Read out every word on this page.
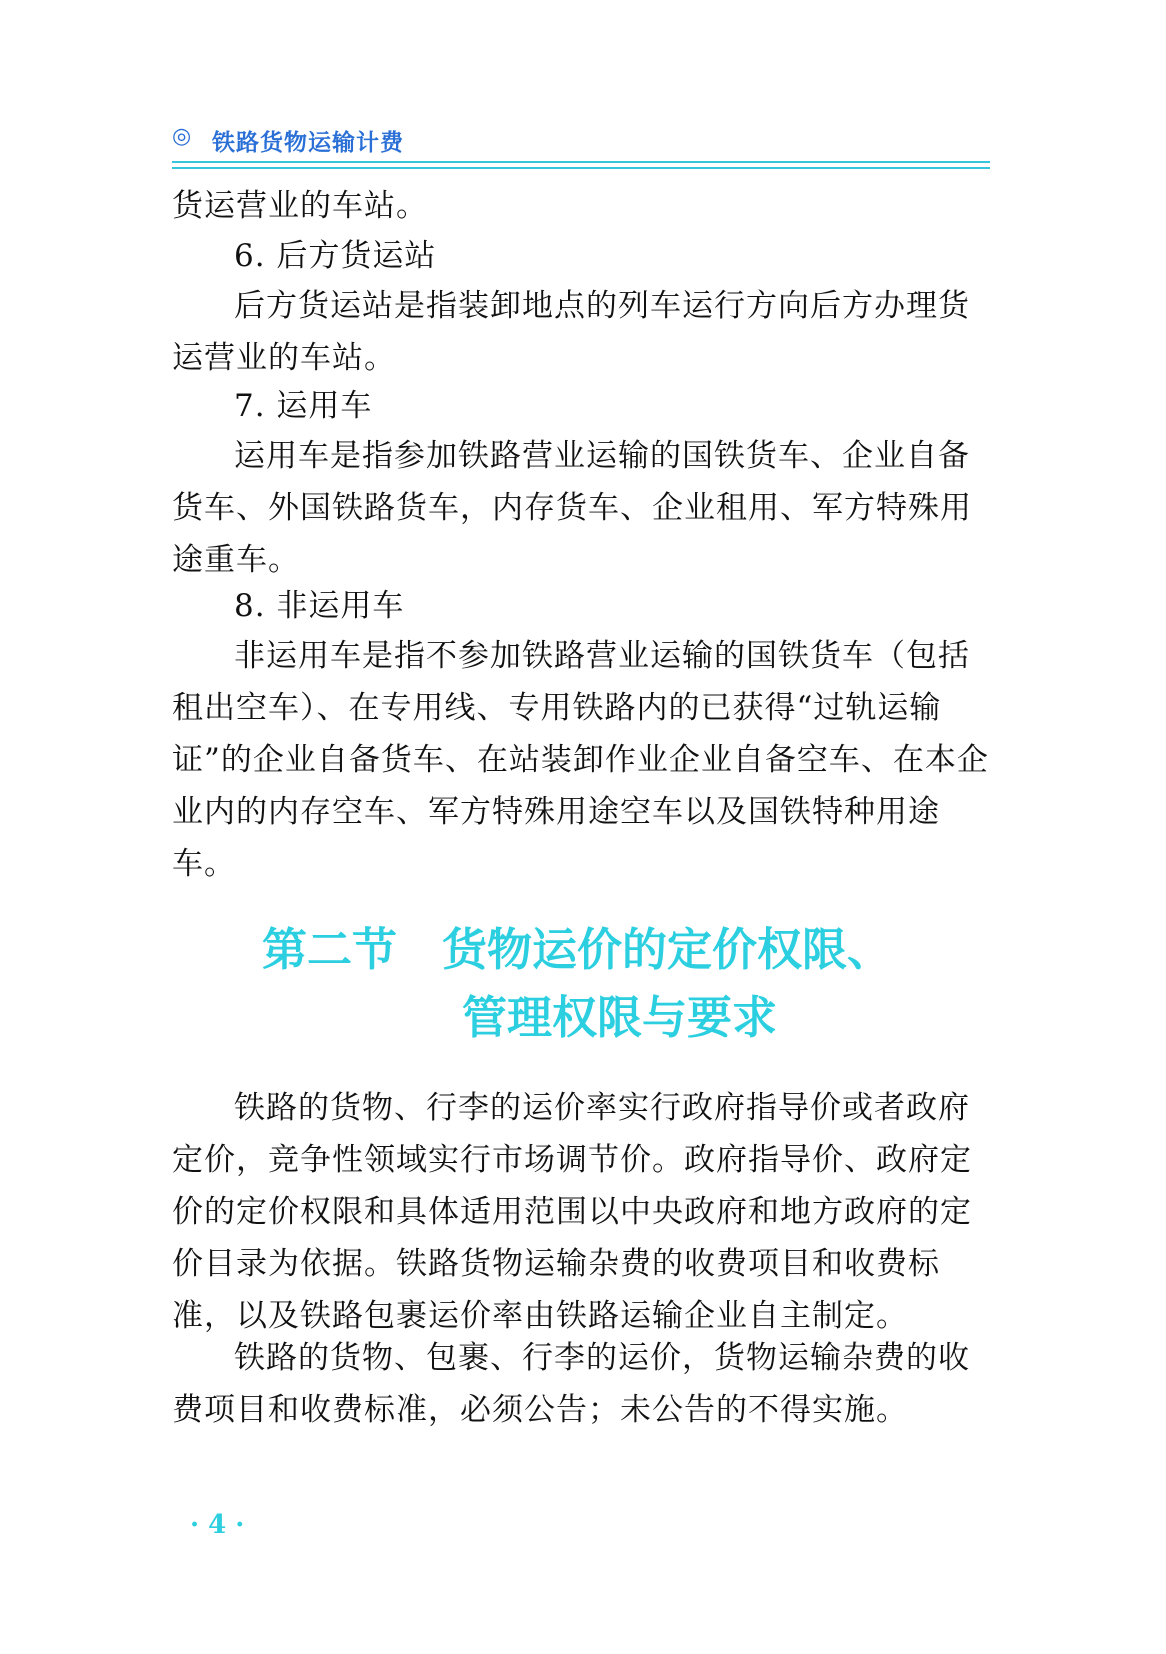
◎ 铁路货物运输计费

货运营业的车站。

6. 后方货运站

后方货运站是指装卸地点的列车运行方向后方办理货运营业的车站。

7. 运用车

运用车是指参加铁路营业运输的国铁货车、企业自备货车、外国铁路货车，内存货车、企业租用、军方特殊用途重车。

8. 非运用车

非运用车是指不参加铁路营业运输的国铁货车（包括租出空车）、在专用线、专用铁路内的已获得“过轨运输证”的企业自备货车、在站装卸作业企业自备空车、在本企业内的内存空车、军方特殊用途空车以及国铁特种用途车。

第二节　货物运价的定价权限、
管理权限与要求

铁路的货物、行李的运价率实行政府指导价或者政府定价，竞争性领域实行市场调节价。政府指导价、政府定价的定价权限和具体适用范围以中央政府和地方政府的定价目录为依据。铁路货物运输杂费的收费项目和收费标准，以及铁路包裹运价率由铁路运输企业自主制定。

铁路的货物、包裹、行李的运价，货物运输杂费的收费项目和收费标准，必须公告；未公告的不得实施。

· 4 ·
